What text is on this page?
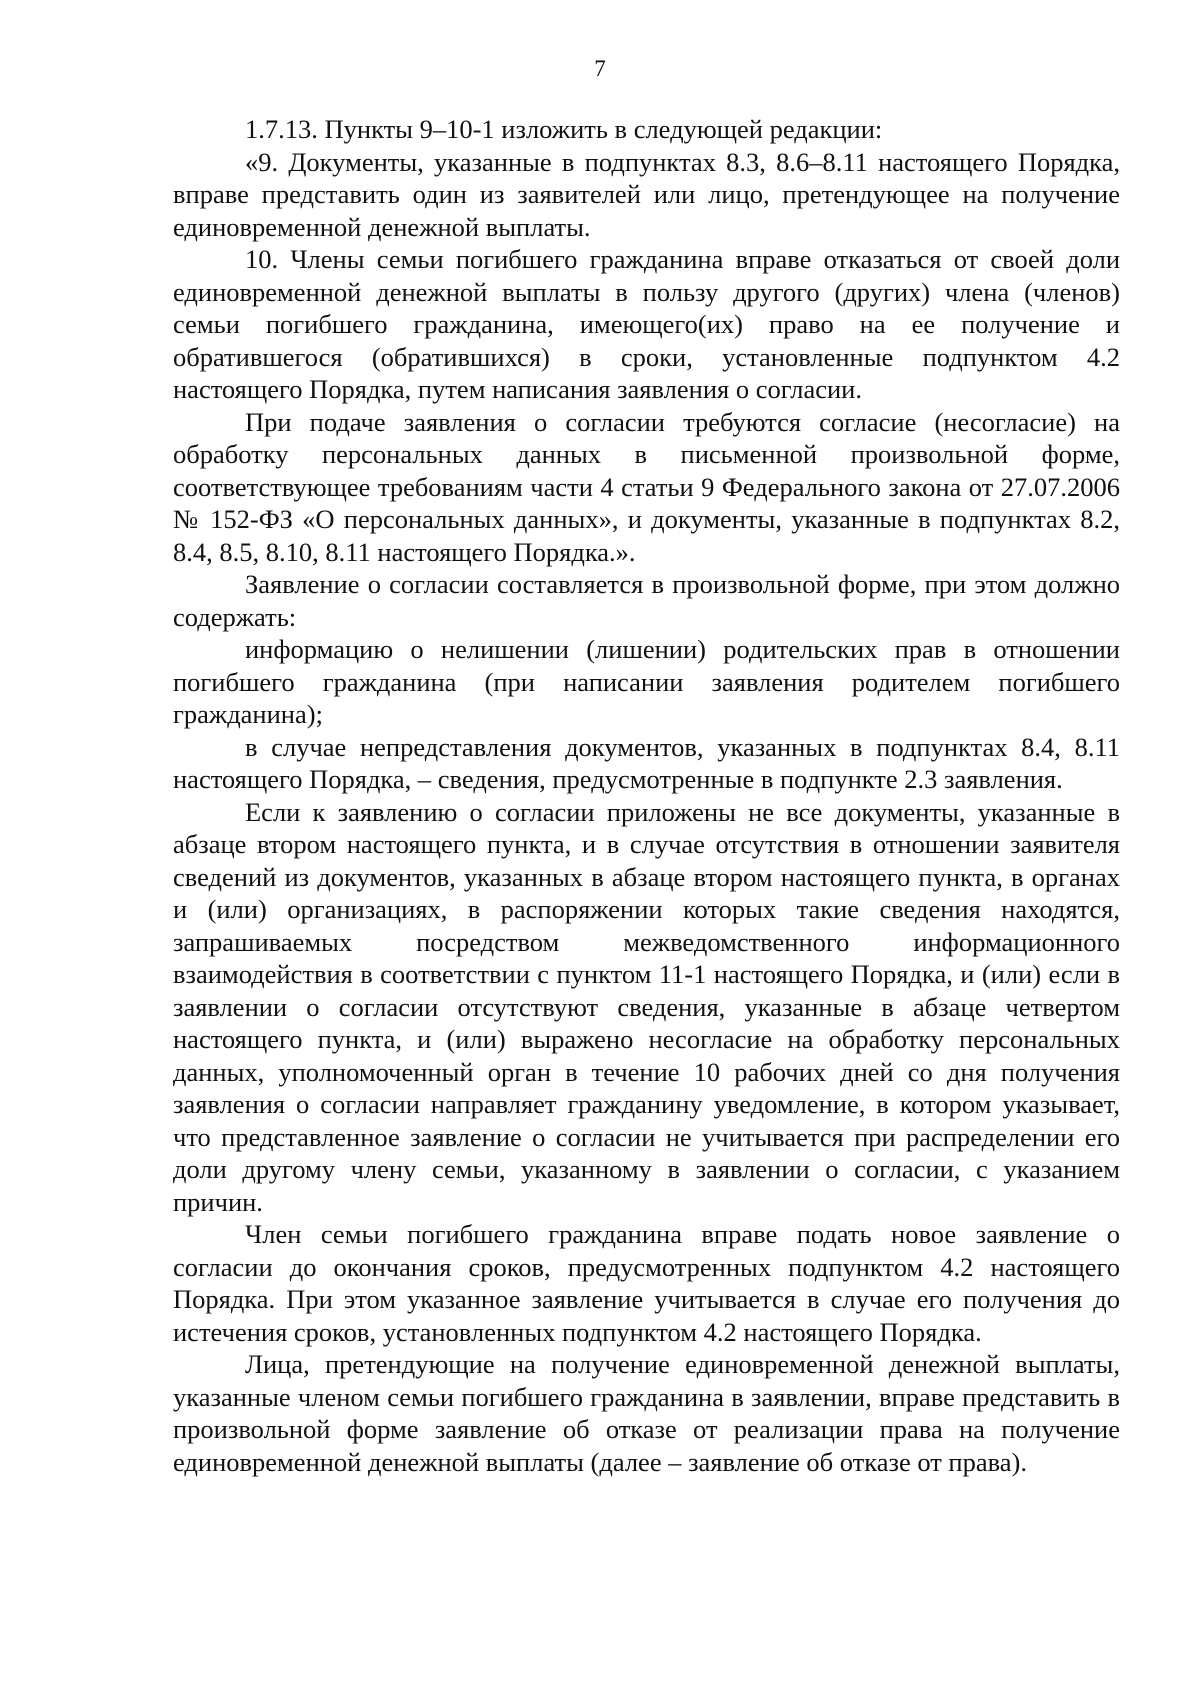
7

1.7.13. Пункты 9–10-1 изложить в следующей редакции:

«9. Документы, указанные в подпунктах 8.3, 8.6–8.11 настоящего Порядка, вправе представить один из заявителей или лицо, претендующее на получение единовременной денежной выплаты.

10. Члены семьи погибшего гражданина вправе отказаться от своей доли единовременной денежной выплаты в пользу другого (других) члена (членов) семьи погибшего гражданина, имеющего(их) право на ее получение и обратившегося (обратившихся) в сроки, установленные подпунктом 4.2 настоящего Порядка, путем написания заявления о согласии.

При подаче заявления о согласии требуются согласие (несогласие) на обработку персональных данных в письменной произвольной форме, соответствующее требованиям части 4 статьи 9 Федерального закона от 27.07.2006 № 152-ФЗ «О персональных данных», и документы, указанные в подпунктах 8.2, 8.4, 8.5, 8.10, 8.11 настоящего Порядка.».

Заявление о согласии составляется в произвольной форме, при этом должно содержать:

информацию о нелишении (лишении) родительских прав в отношении погибшего гражданина (при написании заявления родителем погибшего гражданина);

в случае непредставления документов, указанных в подпунктах 8.4, 8.11 настоящего Порядка, – сведения, предусмотренные в подпункте 2.3 заявления.

Если к заявлению о согласии приложены не все документы, указанные в абзаце втором настоящего пункта, и в случае отсутствия в отношении заявителя сведений из документов, указанных в абзаце втором настоящего пункта, в органах и (или) организациях, в распоряжении которых такие сведения находятся, запрашиваемых посредством межведомственного информационного взаимодействия в соответствии с пунктом 11-1 настоящего Порядка, и (или) если в заявлении о согласии отсутствуют сведения, указанные в абзаце четвертом настоящего пункта, и (или) выражено несогласие на обработку персональных данных, уполномоченный орган в течение 10 рабочих дней со дня получения заявления о согласии направляет гражданину уведомление, в котором указывает, что представленное заявление о согласии не учитывается при распределении его доли другому члену семьи, указанному в заявлении о согласии, с указанием причин.

Член семьи погибшего гражданина вправе подать новое заявление о согласии до окончания сроков, предусмотренных подпунктом 4.2 настоящего Порядка. При этом указанное заявление учитывается в случае его получения до истечения сроков, установленных подпунктом 4.2 настоящего Порядка.

Лица, претендующие на получение единовременной денежной выплаты, указанные членом семьи погибшего гражданина в заявлении, вправе представить в произвольной форме заявление об отказе от реализации права на получение единовременной денежной выплаты (далее – заявление об отказе от права).
